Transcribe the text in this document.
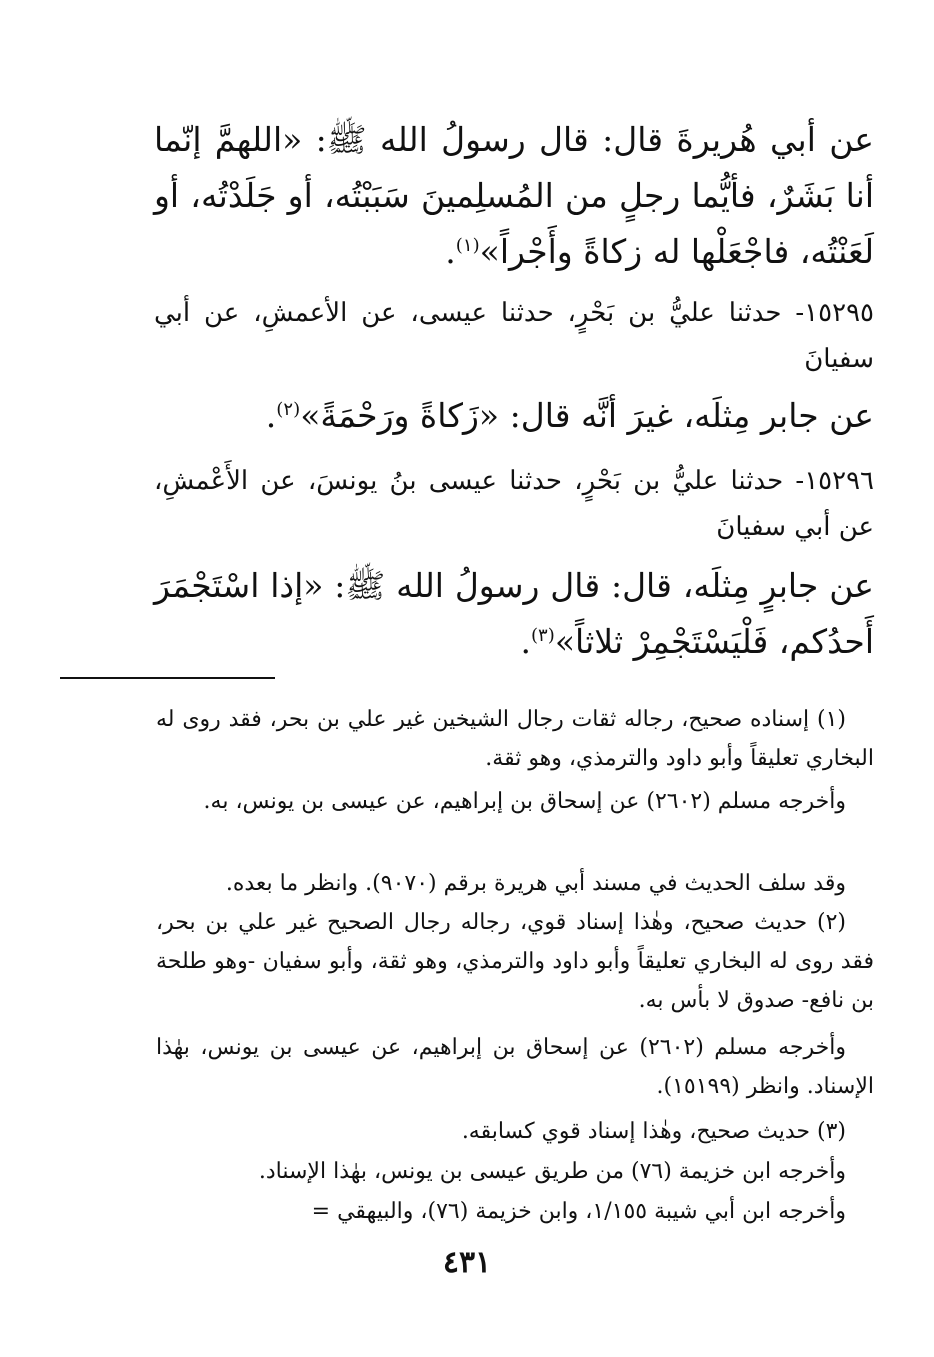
عن أبي هُريرةَ قال: قال رسولُ الله ﷺ: «اللهمَّ إنّما أنا بَشَرٌ، فأيُّما رجلٍ من المُسلِمينَ سَبَبْتُه، أو جَلَدْتُه، أو لَعَنْتُه، فاجْعَلْها له زكاةً وأَجْراً»$^{(١)}$.

١٥٢٩٥- حدثنا عليُّ بن بَحْرٍ، حدثنا عيسى، عن الأعمشِ، عن أبي سفيانَ

عن جابر مِثلَه، غيرَ أنَّه قال: «زَكاةً ورَحْمَةً»$^{(٢)}$.

١٥٢٩٦- حدثنا عليُّ بن بَحْرٍ، حدثنا عيسى بنُ يونسَ، عن الأَعْمشِ، عن أبي سفيانَ

عن جابرٍ مِثلَه، قال: قال رسولُ الله ﷺ: «إذا اسْتَجْمَرَ أَحدُكم، فَلْيَسْتَجْمِرْ ثلاثاً»$^{(٣)}$.

(١) إسناده صحيح، رجاله ثقات رجال الشيخين غير علي بن بحر، فقد روى له البخاري تعليقاً وأبو داود والترمذي، وهو ثقة.

وأخرجه مسلم (٢٦٠٢) عن إسحاق بن إبراهيم، عن عيسى بن يونس، به.

وقد سلف الحديث في مسند أبي هريرة برقم (٩٠٧٠). وانظر ما بعده.

(٢) حديث صحيح، وهٰذا إسناد قوي، رجاله رجال الصحيح غير علي بن بحر، فقد روى له البخاري تعليقاً وأبو داود والترمذي، وهو ثقة، وأبو سفيان -وهو طلحة بن نافع- صدوق لا بأس به.

وأخرجه مسلم (٢٦٠٢) عن إسحاق بن إبراهيم، عن عيسى بن يونس، بهٰذا الإسناد. وانظر (١٥١٩٩).

(٣) حديث صحيح، وهٰذا إسناد قوي كسابقه.

وأخرجه ابن خزيمة (٧٦) من طريق عيسى بن يونس، بهٰذا الإسناد.

وأخرجه ابن أبي شيبة ١/١٥٥، وابن خزيمة (٧٦)، والبيهقي =

٤٣١
